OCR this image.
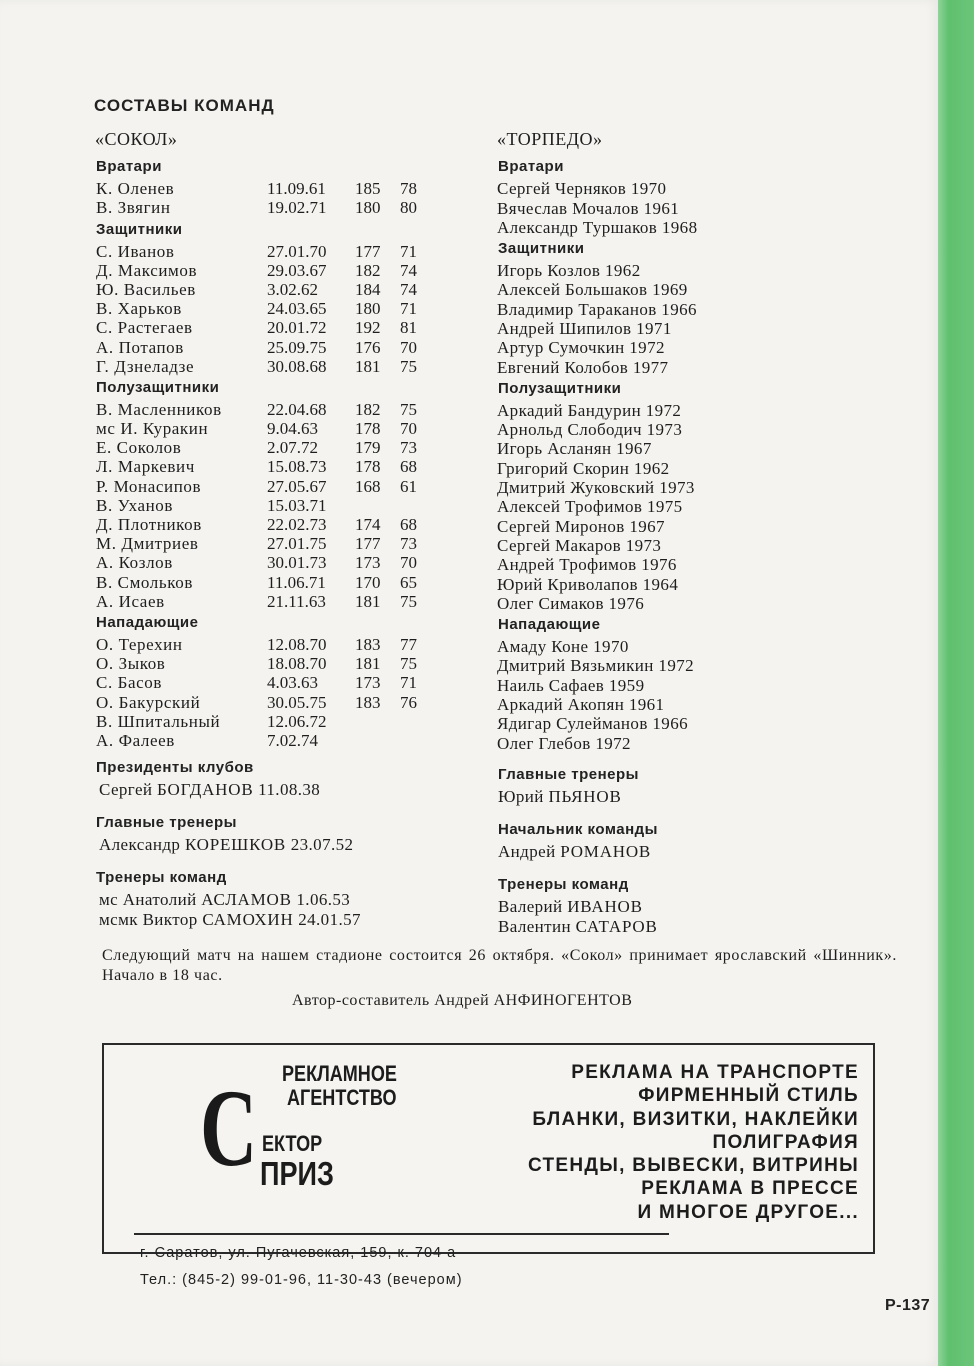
СОСТАВЫ КОМАНД
«СОКОЛ»
Вратари
К. Оленев	11.09.61 185 78
В. Звягин	19.02.71 180 80
Защитники
С. Иванов	27.01.70 177 71
Д. Максимов	29.03.67 182 74
Ю. Васильев	3.02.62 184 74
В. Харьков	24.03.65 180 71
С. Растегаев	20.01.72 192 81
А. Потапов	25.09.75 176 70
Г. Дзнеладзе	30.08.68 181 75
Полузащитники
В. Масленников	22.04.68 182 75
мс И. Куракин	9.04.63 178 70
Е. Соколов	2.07.72 179 73
Л. Маркевич	15.08.73 178 68
Р. Монасипов	27.05.67 168 61
В. Уханов	15.03.71
Д. Плотников	22.02.73 174 68
М. Дмитриев	27.01.75 177 73
А. Козлов	30.01.73 173 70
В. Смольков	11.06.71 170 65
А. Исаев	21.11.63 181 75
Нападающие
О. Терехин	12.08.70 183 77
О. Зыков	18.08.70 181 75
С. Басов	4.03.63 173 71
О. Бакурский	30.05.75 183 76
В. Шпитальный	12.06.72
А. Фалеев	7.02.74
Президенты клубов
Сергей БОГДАНОВ 11.08.38
Главные тренеры
Александр КОРЕШКОВ 23.07.52
Тренеры команд
мс Анатолий АСЛАМОВ 1.06.53
мсмк Виктор САМОХИН 24.01.57
«ТОРПЕДО»
Вратари
Сергей Черняков 1970
Вячеслав Мочалов 1961
Александр Туршаков 1968
Защитники
Игорь Козлов 1962
Алексей Большаков 1969
Владимир Тараканов 1966
Андрей Шипилов 1971
Артур Сумочкин 1972
Евгений Колобов 1977
Полузащитники
Аркадий Бандурин 1972
Арнольд Слободич 1973
Игорь Асланян 1967
Григорий Скорин 1962
Дмитрий Жуковский 1973
Алексей Трофимов 1975
Сергей Миронов 1967
Сергей Макаров 1973
Андрей Трофимов 1976
Юрий Криволапов 1964
Олег Симаков 1976
Нападающие
Амаду Коне 1970
Дмитрий Вязьмикин 1972
Наиль Сафаев 1959
Аркадий Акопян 1961
Ядигар Сулейманов 1966
Олег Глебов 1972
Главные тренеры
Юрий ПЬЯНОВ
Начальник команды
Андрей РОМАНОВ
Тренеры команд
Валерий ИВАНОВ
Валентин САТАРОВ
Следующий матч на нашем стадионе состоится 26 октября. «Сокол» принимает ярославский «Шинник». Начало в 18 час.
Автор-составитель Андрей АНФИНОГЕНТОВ
С РЕКЛАМНОЕ
АГЕНТСТВО
ЕКТОР
ПРИЗ
РЕКЛАМА НА ТРАНСПОРТЕ
ФИРМЕННЫЙ СТИЛЬ
БЛАНКИ, ВИЗИТКИ, НАКЛЕЙКИ
ПОЛИГРАФИЯ
СТЕНДЫ, ВЫВЕСКИ, ВИТРИНЫ
РЕКЛАМА В ПРЕССЕ
И МНОГОЕ ДРУГОЕ...
г. Саратов, ул. Пугачевская, 159, к. 704 а
Тел.: (845-2) 99-01-96, 11-30-43 (вечером)
Р-137
